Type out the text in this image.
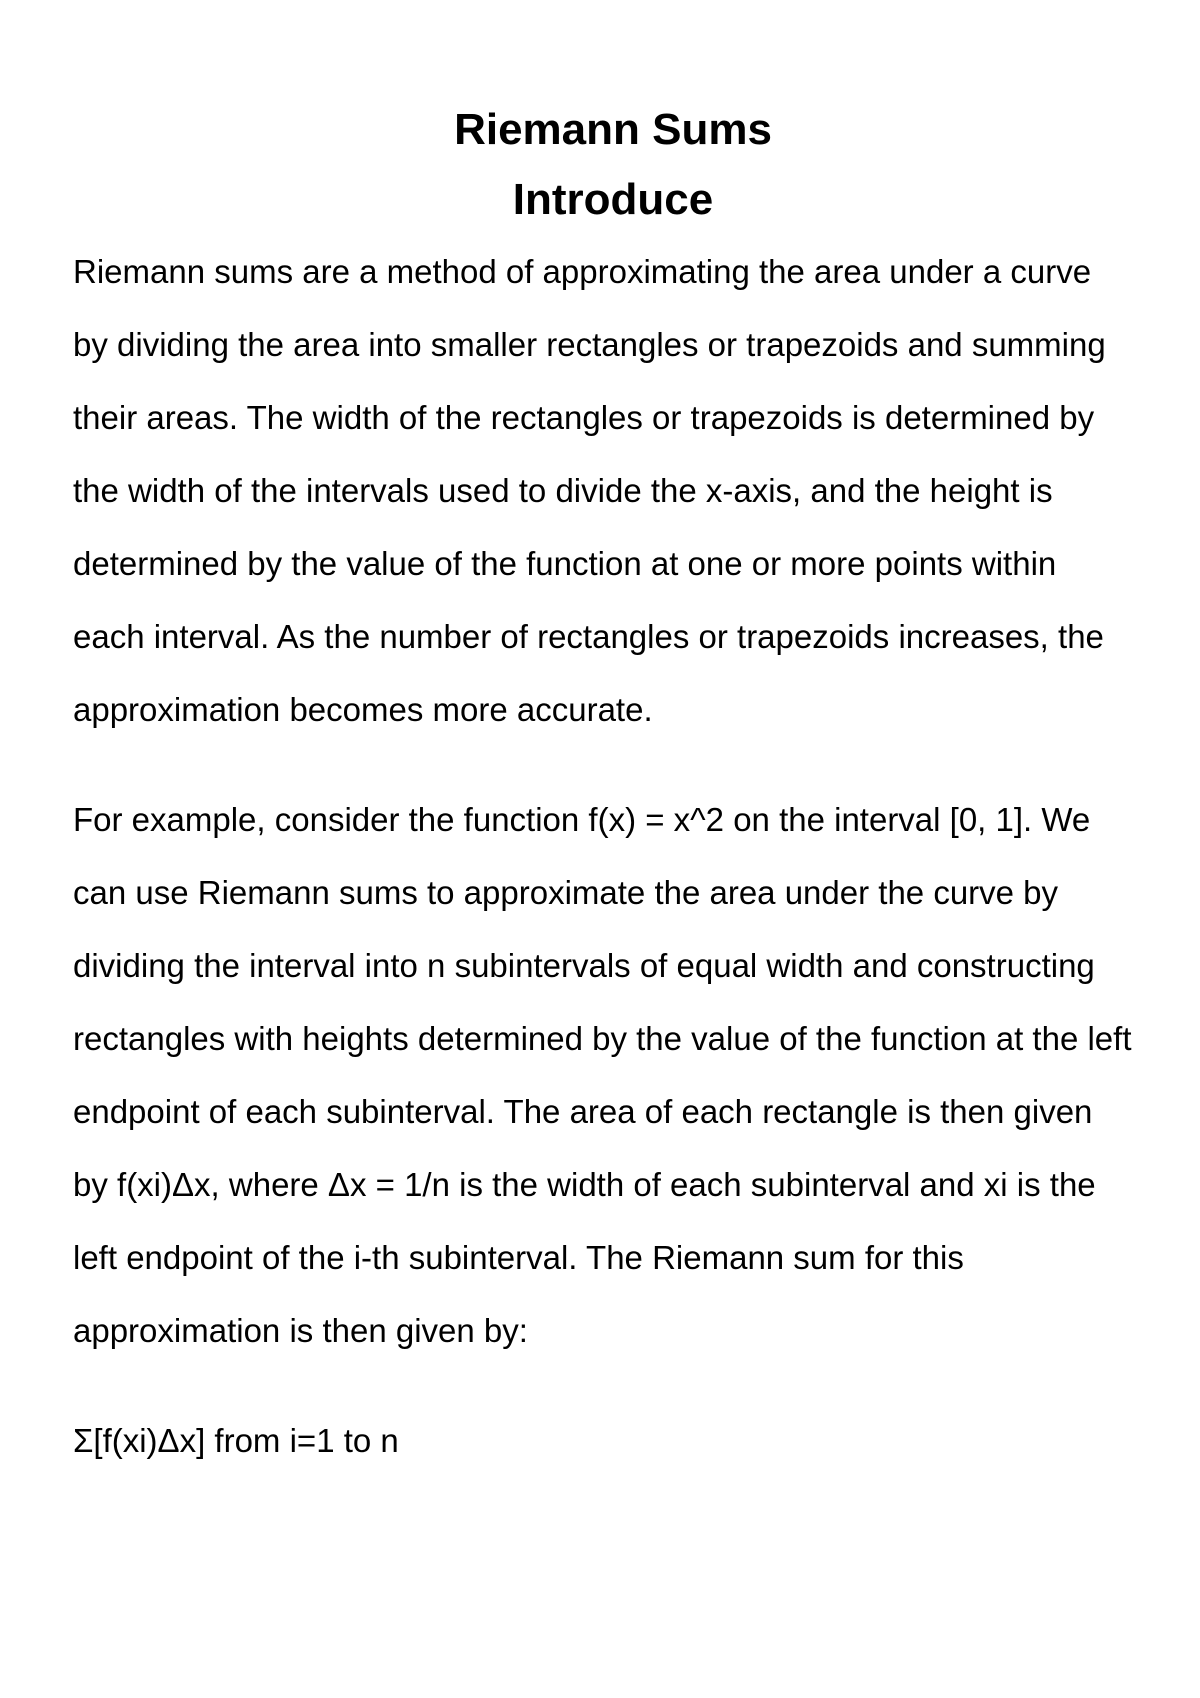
Riemann Sums
Introduce

Riemann sums are a method of approximating the area under a curve by dividing the area into smaller rectangles or trapezoids and summing their areas. The width of the rectangles or trapezoids is determined by the width of the intervals used to divide the x-axis, and the height is determined by the value of the function at one or more points within each interval. As the number of rectangles or trapezoids increases, the approximation becomes more accurate.

For example, consider the function f(x) = x^2 on the interval [0, 1]. We can use Riemann sums to approximate the area under the curve by dividing the interval into n subintervals of equal width and constructing rectangles with heights determined by the value of the function at the left endpoint of each subinterval. The area of each rectangle is then given by f(xi)Δx, where Δx = 1/n is the width of each subinterval and xi is the left endpoint of the i-th subinterval. The Riemann sum for this approximation is then given by:

Σ[f(xi)Δx] from i=1 to n
